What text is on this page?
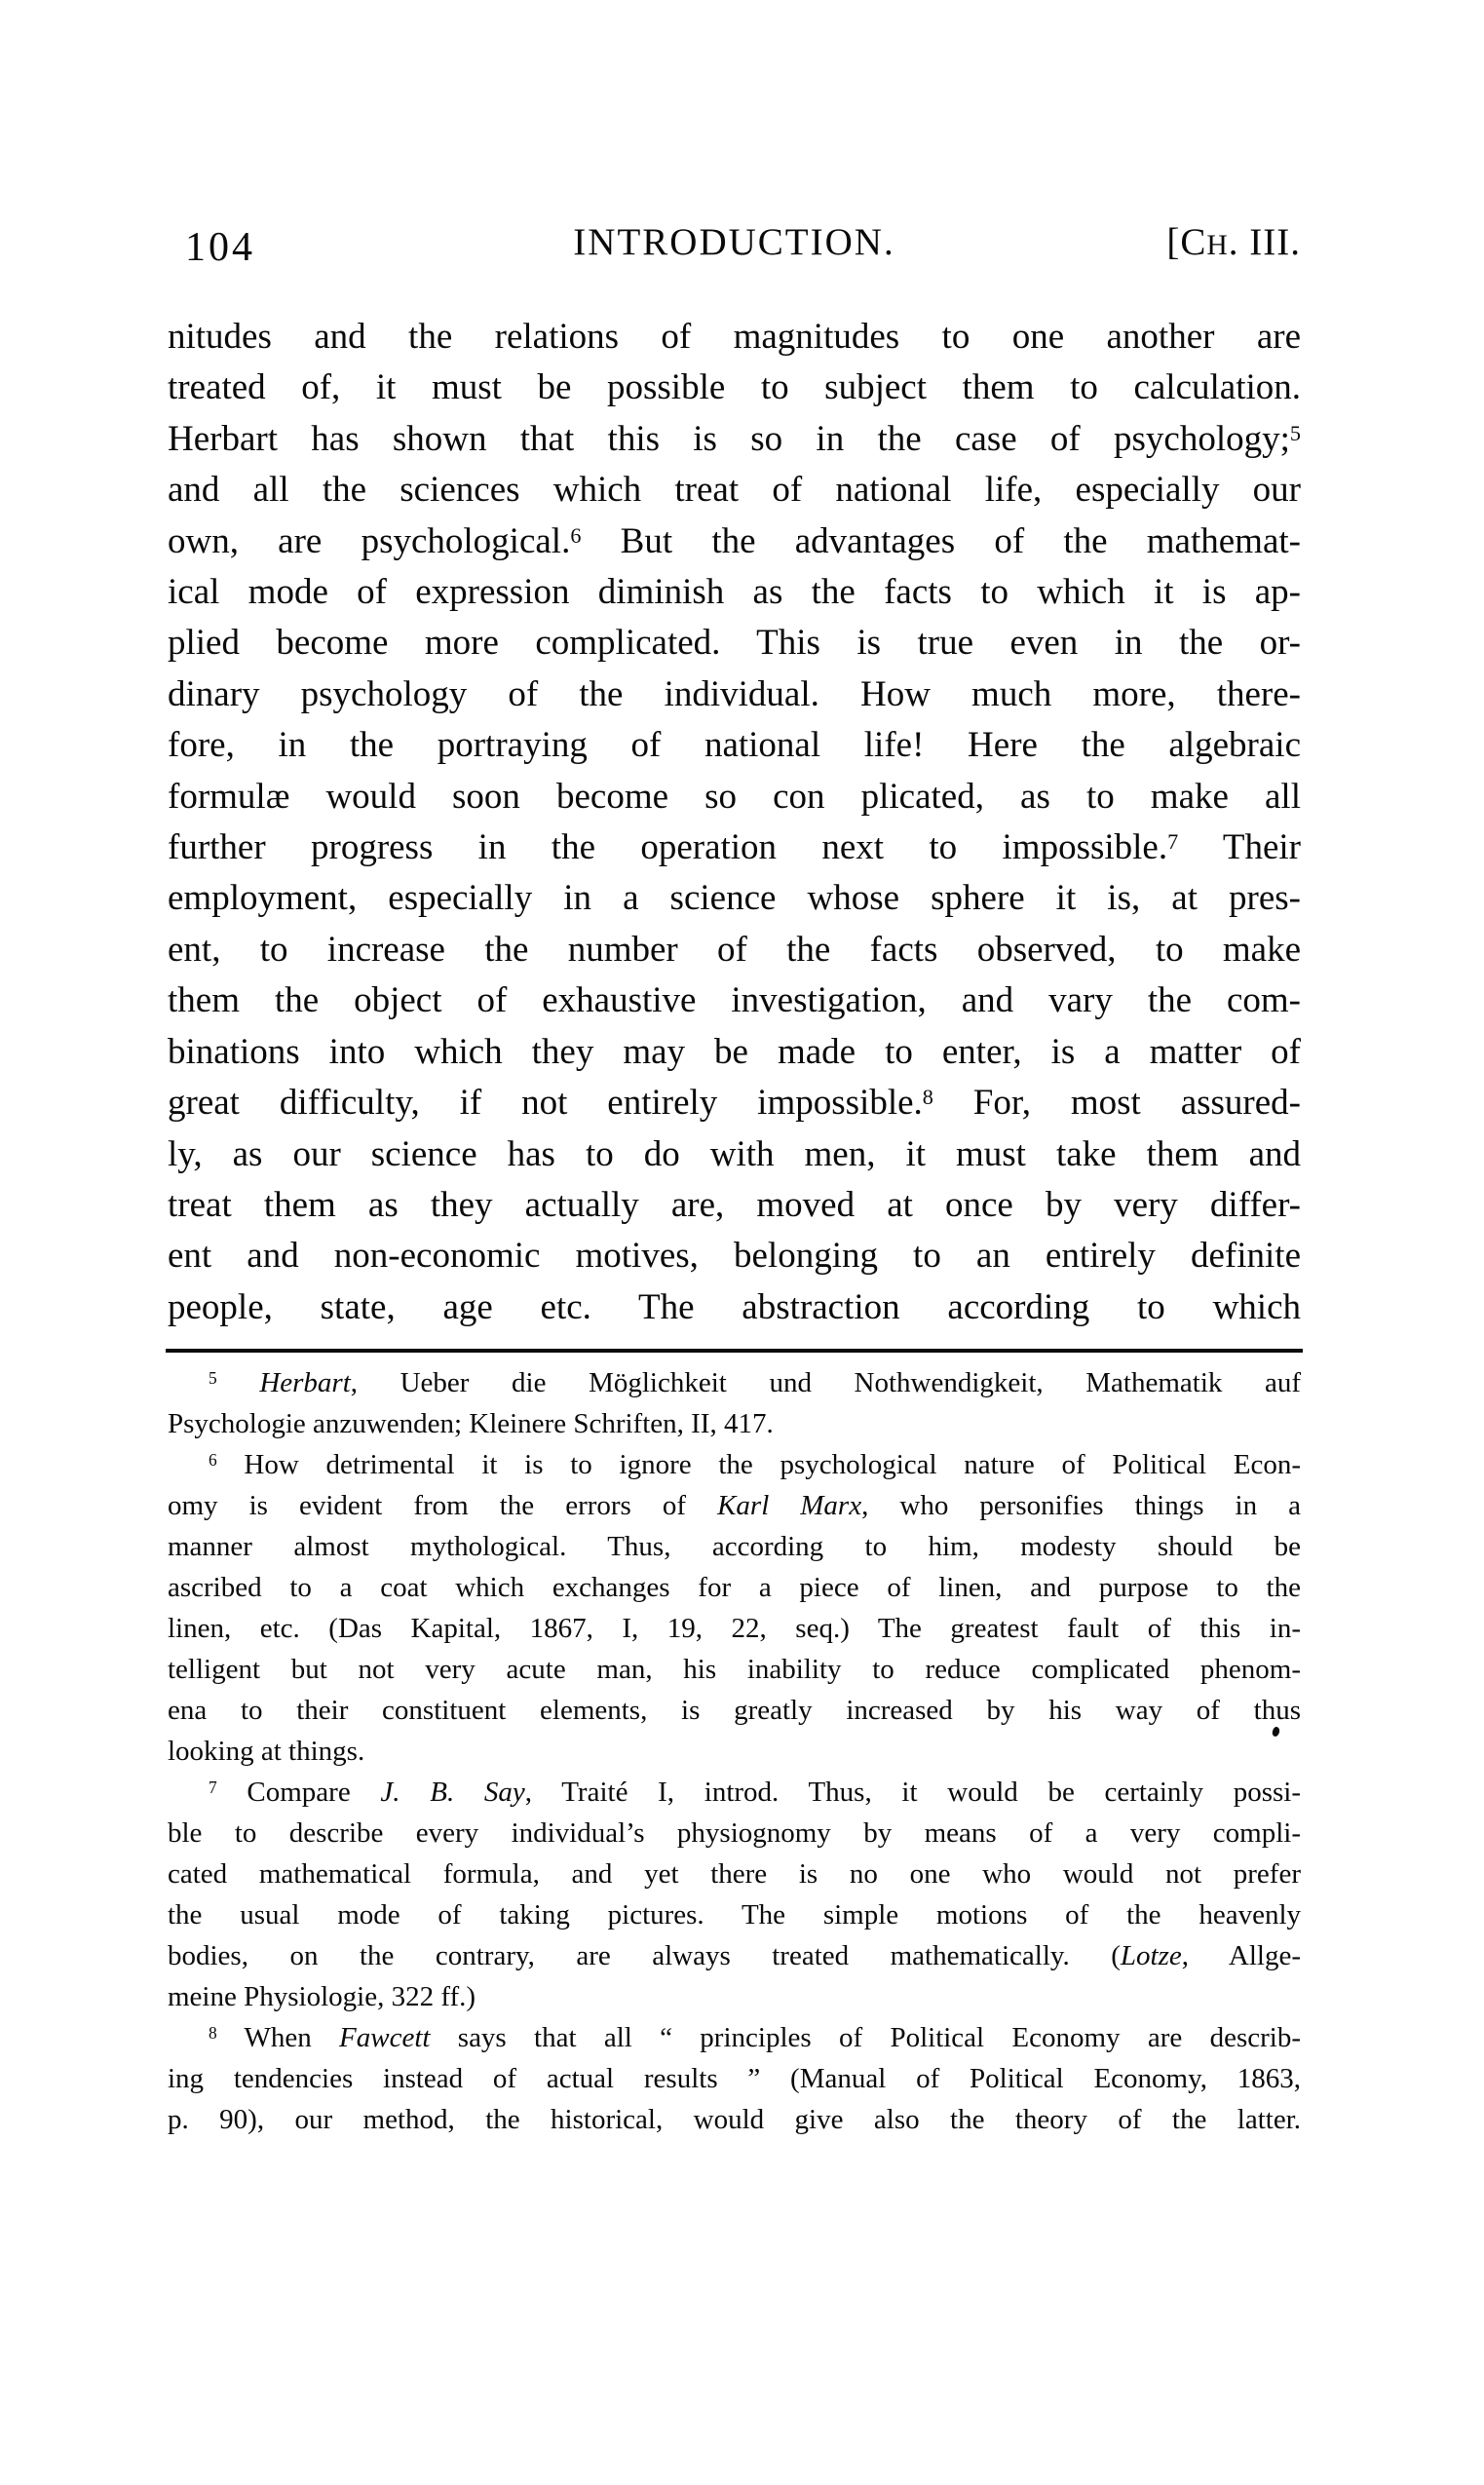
104	INTRODUCTION.	[CH. III.
nitudes and the relations of magnitudes to one another are
treated of, it must be possible to subject them to calculation.
Herbart has shown that this is so in the case of psychology;$^5$
and all the sciences which treat of national life, especially our
own, are psychological.$^6$ But the advantages of the mathemat-
ical mode of expression diminish as the facts to which it is ap-
plied become more complicated. This is true even in the or-
dinary psychology of the individual. How much more, there-
fore, in the portraying of national life! Here the algebraic
formulæ would soon become so con plicated, as to make all
further progress in the operation next to impossible.$^7$ Their
employment, especially in a science whose sphere it is, at pres-
ent, to increase the number of the facts observed, to make
them the object of exhaustive investigation, and vary the com-
binations into which they may be made to enter, is a matter of
great difficulty, if not entirely impossible.$^8$ For, most assured-
ly, as our science has to do with men, it must take them and
treat them as they actually are, moved at once by very differ-
ent and non-economic motives, belonging to an entirely definite
people, state, age etc. The abstraction according to which
$^5$ Herbart, Ueber die Möglichkeit und Nothwendigkeit, Mathematik auf
Psychologie anzuwenden; Kleinere Schriften, II, 417.
$^6$ How detrimental it is to ignore the psychological nature of Political Econ-
omy is evident from the errors of Karl Marx, who personifies things in a
manner almost mythological. Thus, according to him, modesty should be
ascribed to a coat which exchanges for a piece of linen, and purpose to the
linen, etc. (Das Kapital, 1867, I, 19, 22, seq.) The greatest fault of this in-
telligent but not very acute man, his inability to reduce complicated phenom-
ena to their constituent elements, is greatly increased by his way of thus
looking at things.
$^7$ Compare J. B. Say, Traité I, introd. Thus, it would be certainly possi-
ble to describe every individual’s physiognomy by means of a very compli-
cated mathematical formula, and yet there is no one who would not prefer
the usual mode of taking pictures. The simple motions of the heavenly
bodies, on the contrary, are always treated mathematically. (Lotze, Allge-
meine Physiologie, 322 ff.)
$^8$ When Fawcett says that all “ principles of Political Economy are describ-
ing tendencies instead of actual results ” (Manual of Political Economy, 1863,
p. 90), our method, the historical, would give also the theory of the latter.
